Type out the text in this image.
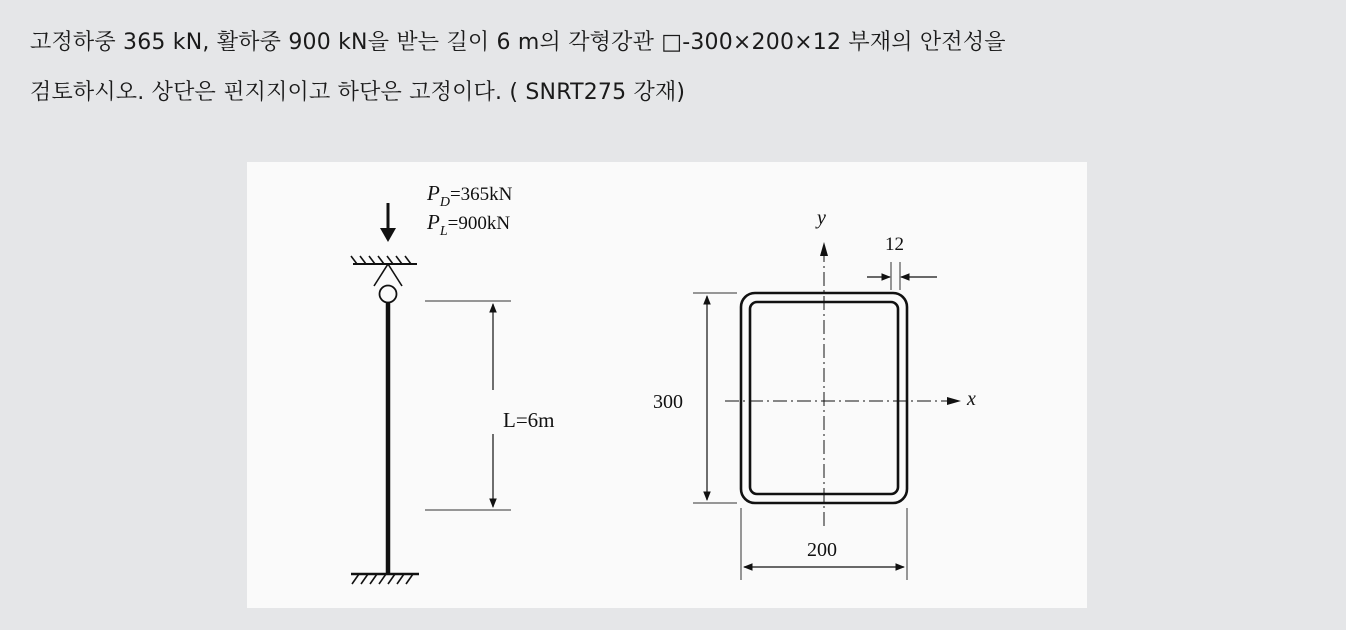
고정하중 365 kN, 활하중 900 kN을 받는 길이 6 m의 각형강관 □-300×200×12 부재의 안전성을

검토하시오. 상단은 핀지지이고 하단은 고정이다. ( SNRT275 강재)

$P_D=365kN$
$P_L=900kN$
L=6m
y
x
12
300
200
